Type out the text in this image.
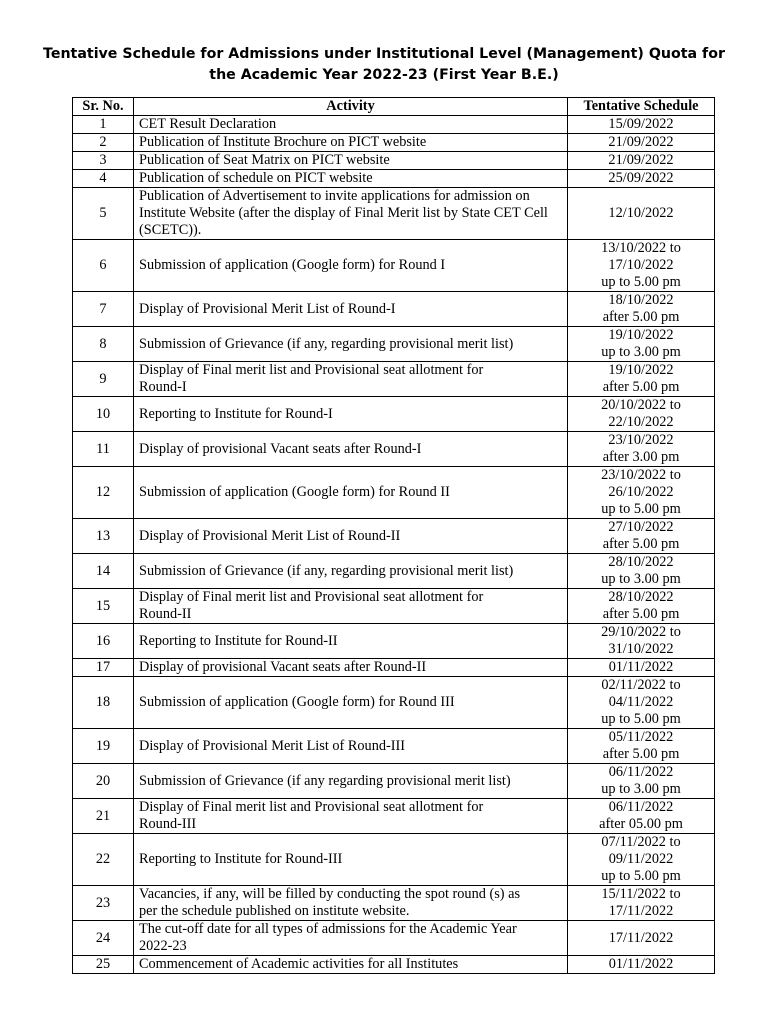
Tentative Schedule for Admissions under Institutional Level (Management) Quota for
the Academic Year 2022-23 (First Year B.E.)
Sr. No.	Activity	Tentative Schedule
1	CET Result Declaration	15/09/2022
2	Publication of Institute Brochure on PICT website	21/09/2022
3	Publication of Seat Matrix on PICT website	21/09/2022
4	Publication of schedule on PICT website	25/09/2022
5	Publication of Advertisement to invite applications for admission on Institute Website (after the display of Final Merit list by State CET Cell (SCETC)).	12/10/2022
6	Submission of application (Google form) for Round I	13/10/2022 to
17/10/2022
up to 5.00 pm
7	Display of Provisional Merit List of Round-I	18/10/2022
after 5.00 pm
8	Submission of Grievance (if any, regarding provisional merit list)	19/10/2022
up to 3.00 pm
9	Display of Final merit list and Provisional seat allotment for
Round-I	19/10/2022
after 5.00 pm
10	Reporting to Institute for Round-I	20/10/2022 to
22/10/2022
11	Display of provisional Vacant seats after Round-I	23/10/2022
after 3.00 pm
12	Submission of application (Google form) for Round II	23/10/2022 to
26/10/2022
up to 5.00 pm
13	Display of Provisional Merit List of Round-II	27/10/2022
after 5.00 pm
14	Submission of Grievance (if any, regarding provisional merit list)	28/10/2022
up to 3.00 pm
15	Display of Final merit list and Provisional seat allotment for
Round-II	28/10/2022
after 5.00 pm
16	Reporting to Institute for Round-II	29/10/2022 to
31/10/2022
17	Display of provisional Vacant seats after Round-II	01/11/2022
18	Submission of application (Google form) for Round III	02/11/2022 to
04/11/2022
up to 5.00 pm
19	Display of Provisional Merit List of Round-III	05/11/2022
after 5.00 pm
20	Submission of Grievance (if any regarding provisional merit list)	06/11/2022
up to 3.00 pm
21	Display of Final merit list and Provisional seat allotment for
Round-III	06/11/2022
after 05.00 pm
22	Reporting to Institute for Round-III	07/11/2022 to
09/11/2022
up to 5.00 pm
23	Vacancies, if any, will be filled by conducting the spot round (s) as
per the schedule published on institute website.	15/11/2022 to
17/11/2022
24	The cut-off date for all types of admissions for the Academic Year
2022-23	17/11/2022
25	Commencement of Academic activities for all Institutes	01/11/2022
